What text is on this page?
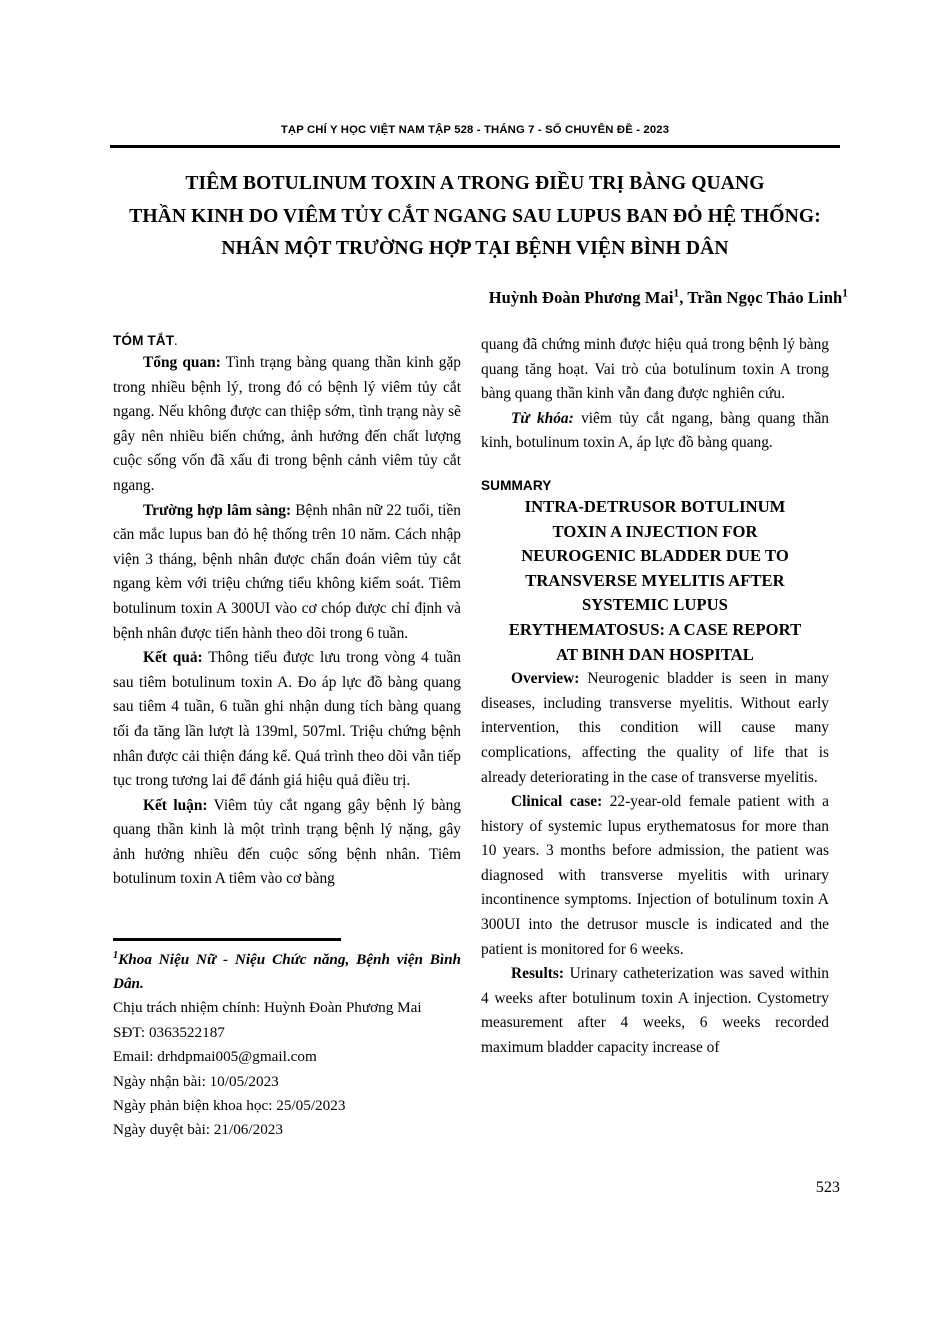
TẠP CHÍ Y HỌC VIỆT NAM TẬP 528 - THÁNG 7 - SỐ CHUYÊN ĐỀ - 2023
TIÊM BOTULINUM TOXIN A TRONG ĐIỀU TRỊ BÀNG QUANG
THẦN KINH DO VIÊM TỦY CẮT NGANG SAU LUPUS BAN ĐỎ HỆ THỐNG:
NHÂN MỘT TRƯỜNG HỢP TẠI BỆNH VIỆN BÌNH DÂN
Huỳnh Đoàn Phương Mai$^1$, Trần Ngọc Thảo Linh$^1$
TÓM TẮT.

Tổng quan: Tình trạng bàng quang thần kinh gặp trong nhiều bệnh lý, trong đó có bệnh lý viêm tủy cắt ngang. Nếu không được can thiệp sớm, tình trạng này sẽ gây nên nhiều biến chứng, ảnh hưởng đến chất lượng cuộc sống vốn đã xấu đi trong bệnh cảnh viêm tủy cắt ngang.

Trường hợp lâm sàng: Bệnh nhân nữ 22 tuổi, tiền căn mắc lupus ban đỏ hệ thống trên 10 năm. Cách nhập viện 3 tháng, bệnh nhân được chẩn đoán viêm tủy cắt ngang kèm với triệu chứng tiểu không kiểm soát. Tiêm botulinum toxin A 300UI vào cơ chóp được chỉ định và bệnh nhân được tiến hành theo dõi trong 6 tuần.

Kết quả: Thông tiểu được lưu trong vòng 4 tuần sau tiêm botulinum toxin A. Đo áp lực đồ bàng quang sau tiêm 4 tuần, 6 tuần ghi nhận dung tích bàng quang tối đa tăng lần lượt là 139ml, 507ml. Triệu chứng bệnh nhân được cải thiện đáng kể. Quá trình theo dõi vẫn tiếp tục trong tương lai để đánh giá hiệu quả điều trị.

Kết luận: Viêm tủy cắt ngang gây bệnh lý bàng quang thần kinh là một trình trạng bệnh lý nặng, gây ảnh hưởng nhiều đến cuộc sống bệnh nhân. Tiêm botulinum toxin A tiêm vào cơ bàng

quang đã chứng minh được hiệu quả trong bệnh lý bàng quang tăng hoạt. Vai trò của botulinum toxin A trong bàng quang thần kinh vẫn đang được nghiên cứu.

Từ khóa: viêm tủy cắt ngang, bàng quang thần kinh, botulinum toxin A, áp lực đồ bàng quang.

SUMMARY
INTRA-DETRUSOR BOTULINUM
TOXIN A INJECTION FOR
NEUROGENIC BLADDER DUE TO
TRANSVERSE MYELITIS AFTER
SYSTEMIC LUPUS
ERYTHEMATOSUS: A CASE REPORT
AT BINH DAN HOSPITAL

Overview: Neurogenic bladder is seen in many diseases, including transverse myelitis. Without early intervention, this condition will cause many complications, affecting the quality of life that is already deteriorating in the case of transverse myelitis.

Clinical case: 22-year-old female patient with a history of systemic lupus erythematosus for more than 10 years. 3 months before admission, the patient was diagnosed with transverse myelitis with urinary incontinence symptoms. Injection of botulinum toxin A 300UI into the detrusor muscle is indicated and the patient is monitored for 6 weeks.

Results: Urinary catheterization was saved within 4 weeks after botulinum toxin A injection. Cystometry measurement after 4 weeks, 6 weeks recorded maximum bladder capacity increase of

$^1$Khoa Niệu Nữ - Niệu Chức năng, Bệnh viện Bình Dân.

Chịu trách nhiệm chính: Huỳnh Đoàn Phương Mai

SĐT: 0363522187

Email: drhdpmai005@gmail.com

Ngày nhận bài: 10/05/2023

Ngày phản biện khoa học: 25/05/2023

Ngày duyệt bài: 21/06/2023

523
